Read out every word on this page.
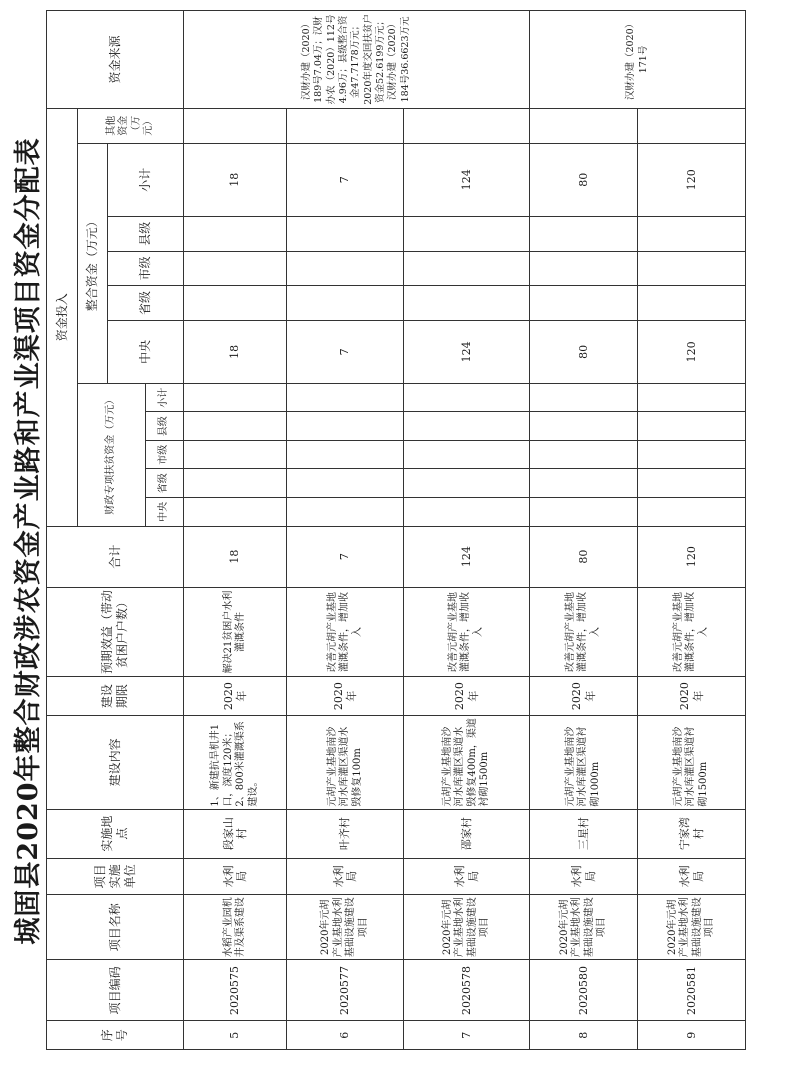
城固县2020年整合财政涉农资金产业路和产业渠项目资金分配表
序号	项目编码	项目名称	项目实施单位	实施地点	建设内容	建设期限	预期效益（带动贫困户户数）	合计	资金投入											资金来源
									财政专项扶贫资金（万元）					整合资金（万元）					其他资金（万元）	
														中央	省级	市级	县级	小计		
									中央	省级	市级	县级	小计							
5	2020575	水稻产业园机井及渠系建设	水利局	段家山村	1、新建抗旱机井1口，深度120米；2、800米灌溉渠系建设。	2020年	解决21贫困户水利灌溉条件	18						18				18		汉财办建（2020）189号7.04万；汉财办农（2020）112号4.96万；县级整合资金47.7178万元；2020年度交回扶贫户资金52.6199万元；汉财办建（2020）184号36.6623万元
6	2020577	2020年元胡产业基地水利基础设施建设项目	水利局	叶齐村	元胡产业基地南沙河水库灌区渠道水毁修复100m	2020年	改善元胡产业基地灌溉条件，增加收入	7						7				7		
7	2020578	2020年元胡产业基地水利基础设施建设项目	水利局	邵家村	元胡产业基地南沙河水库灌区渠道水毁修复400m，渠道衬砌1500m	2020年	改善元胡产业基地灌溉条件，增加收入	124						124				124		
8	2020580	2020年元胡产业基地水利基础设施建设项目	水利局	三星村	元胡产业基地南沙河水库灌区渠道衬砌1000m	2020年	改善元胡产业基地灌溉条件，增加收入	80						80				80		汉财办建（2020）171号
9	2020581	2020年元胡产业基地水利基础设施建设项目	水利局	宁家湾村	元胡产业基地南沙河水库灌区渠道衬砌1500m	2020年	改善元胡产业基地灌溉条件，增加收入	120						120				120		
